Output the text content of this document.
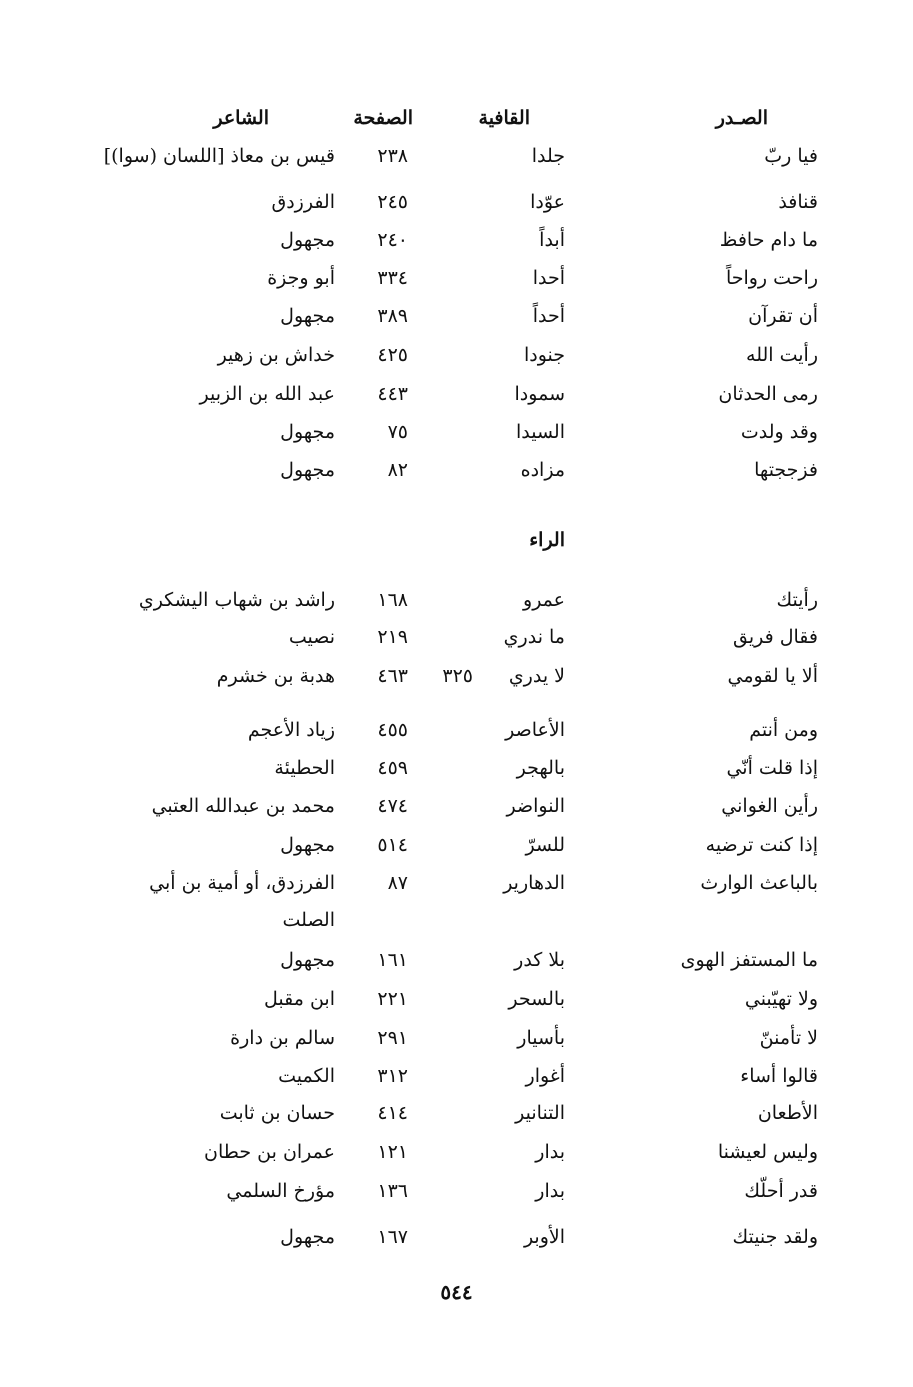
الصـدر
القافية
الصفحة
الشاعر
فيا ربّ
جلدا
٢٣٨
قيس بن معاذ [اللسان (سوا)]
قنافذ
عوّدا
٢٤٥
الفرزدق
ما دام حافظ
أبداً
٢٤٠
مجهول
راحت رواحاً
أحدا
٣٣٤
أبو وجزة
أن تقرآن
أحداً
٣٨٩
مجهول
رأيت الله
جنودا
٤٢٥
خداش بن زهير
رمى الحدثان
سمودا
٤٤٣
عبد الله بن الزبير
وقد ولدت
السيدا
٧٥
مجهول
فزججتها
مزاده
٨٢
مجهول
الراء
رأيتك
عمرو
١٦٨
راشد بن شهاب اليشكري
فقال فريق
ما ندري
٢١٩
نصيب
ألا يا لقومي
لا يدري
٤٦٣	٣٢٥
هدبة بن خشرم
ومن أنتم
الأعاصر
٤٥٥
زياد الأعجم
إذا قلت أنّي
بالهجر
٤٥٩
الحطيئة
رأين الغواني
النواضر
٤٧٤
محمد بن عبدالله العتبي
إذا كنت ترضيه
للسرّ
٥١٤
مجهول
بالباعث الوارث
الدهارير
٨٧
الفرزدق، أو أمية بن أبي
الصلت
ما المستفز الهوى
بلا كدر
١٦١
مجهول
ولا تهيّبني
بالسحر
٢٢١
ابن مقبل
لا تأمننّ
بأسيار
٢٩١
سالم بن دارة
قالوا أساء
أغوار
٣١٢
الكميت
الأطعان
التنانير
٤١٤
حسان بن ثابت
وليس لعيشنا
بدار
١٢١
عمران بن حطان
قدر أحلّك
بدار
١٣٦
مؤرخ السلمي
ولقد جنيتك
الأوبر
١٦٧
مجهول
٥٤٤
